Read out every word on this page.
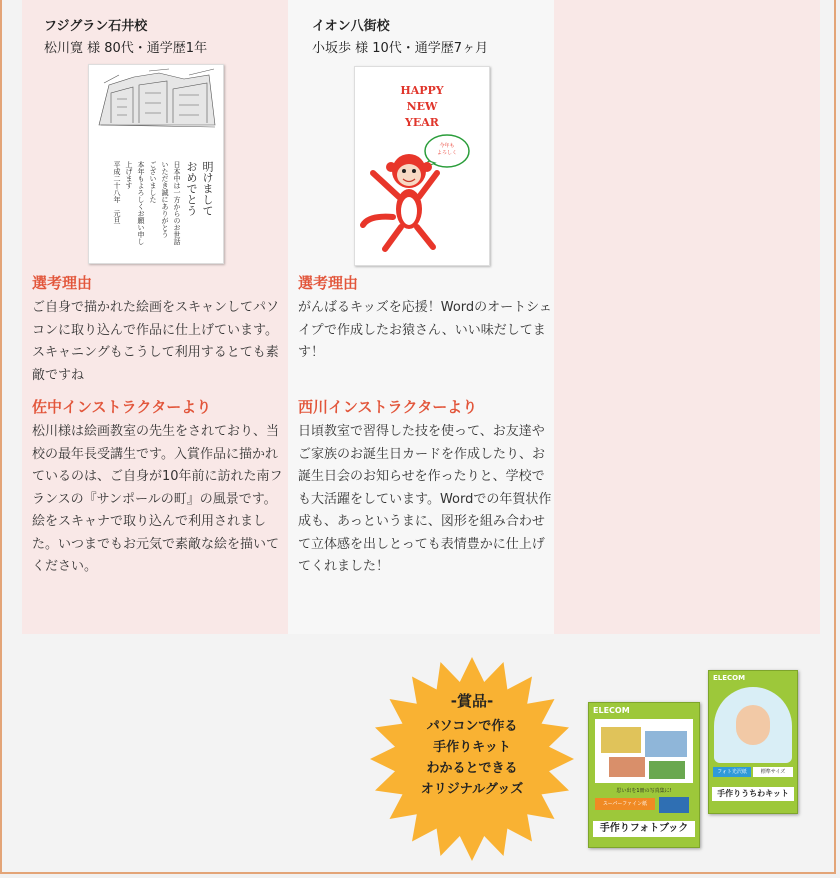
フジグラン石井校
松川寛 様 80代・通学歴1年
明けまして
おめでとう
日本中は一方からのお世話
いただき誠にありがとう
ございました
本年もよろしくお願い申し
上げます
平成二十八年　元旦
選考理由
ご自身で描かれた絵画をスキャンしてパソコンに取り込んで作品に仕上げています。スキャニングもこうして利用するとても素敵ですね
佐中インストラクターより
松川様は絵画教室の先生をされており、当校の最年長受講生です。入賞作品に描かれているのは、ご自身が10年前に訪れた南フランスの『サンポールの町』の風景です。絵をスキャナで取り込んで利用されました。いつまでもお元気で素敵な絵を描いてください。
イオン八街校
小坂歩 様 10代・通学歴7ヶ月
HAPPY
NEW
YEAR
今年も
よろしく
選考理由
がんばるキッズを応援！Wordのオートシェイプで作成したお猿さん、いい味だしてます！
西川インストラクターより
日頃教室で習得した技を使って、お友達やご家族のお誕生日カードを作成したり、お誕生日会のお知らせを作ったりと、学校でも大活躍をしています。Wordでの年賀状作成も、あっというまに、図形を組み合わせて立体感を出しとっても表情豊かに仕上げてくれました！
-賞品-
パソコンで作る
手作りキット
わかるとできる
オリジナルグッズ
ELECOM
思い出を1冊の写真集に!
スーパーファイン紙
手作りフォトブック
ELECOM
フォト光沢紙	標準サイズ
手作りうちわキット
